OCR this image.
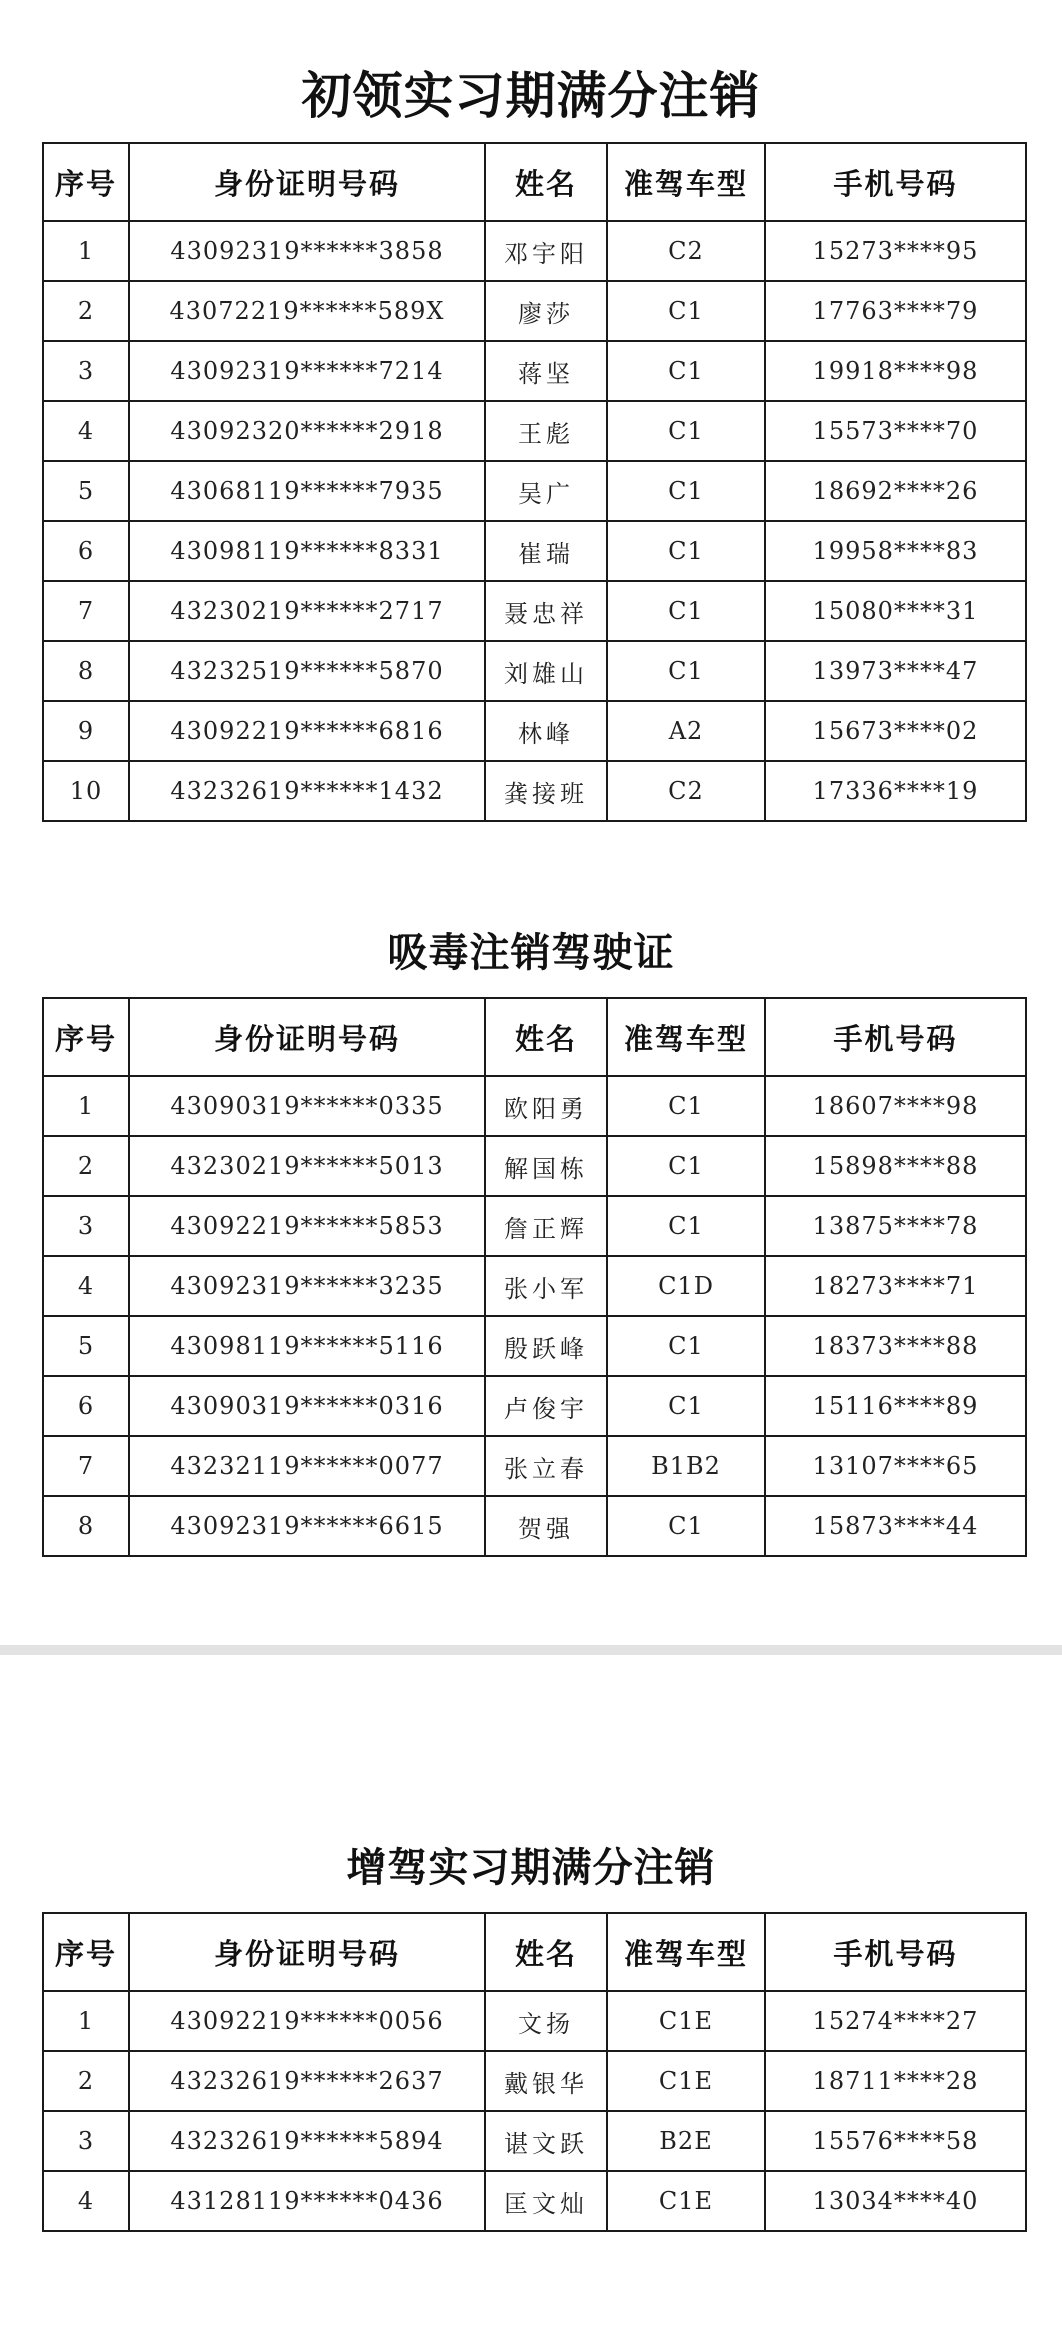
初领实习期满分注销
序号	身份证明号码	姓名	准驾车型	手机号码
1	43092319******3858	邓宇阳	C2	15273****95
2	43072219******589X	廖莎	C1	17763****79
3	43092319******7214	蒋坚	C1	19918****98
4	43092320******2918	王彪	C1	15573****70
5	43068119******7935	吴广	C1	18692****26
6	43098119******8331	崔瑞	C1	19958****83
7	43230219******2717	聂忠祥	C1	15080****31
8	43232519******5870	刘雄山	C1	13973****47
9	43092219******6816	林峰	A2	15673****02
10	43232619******1432	龚接班	C2	17336****19
吸毒注销驾驶证
序号	身份证明号码	姓名	准驾车型	手机号码
1	43090319******0335	欧阳勇	C1	18607****98
2	43230219******5013	解国栋	C1	15898****88
3	43092219******5853	詹正辉	C1	13875****78
4	43092319******3235	张小军	C1D	18273****71
5	43098119******5116	殷跃峰	C1	18373****88
6	43090319******0316	卢俊宇	C1	15116****89
7	43232119******0077	张立春	B1B2	13107****65
8	43092319******6615	贺强	C1	15873****44
增驾实习期满分注销
序号	身份证明号码	姓名	准驾车型	手机号码
1	43092219******0056	文扬	C1E	15274****27
2	43232619******2637	戴银华	C1E	18711****28
3	43232619******5894	谌文跃	B2E	15576****58
4	43128119******0436	匡文灿	C1E	13034****40
